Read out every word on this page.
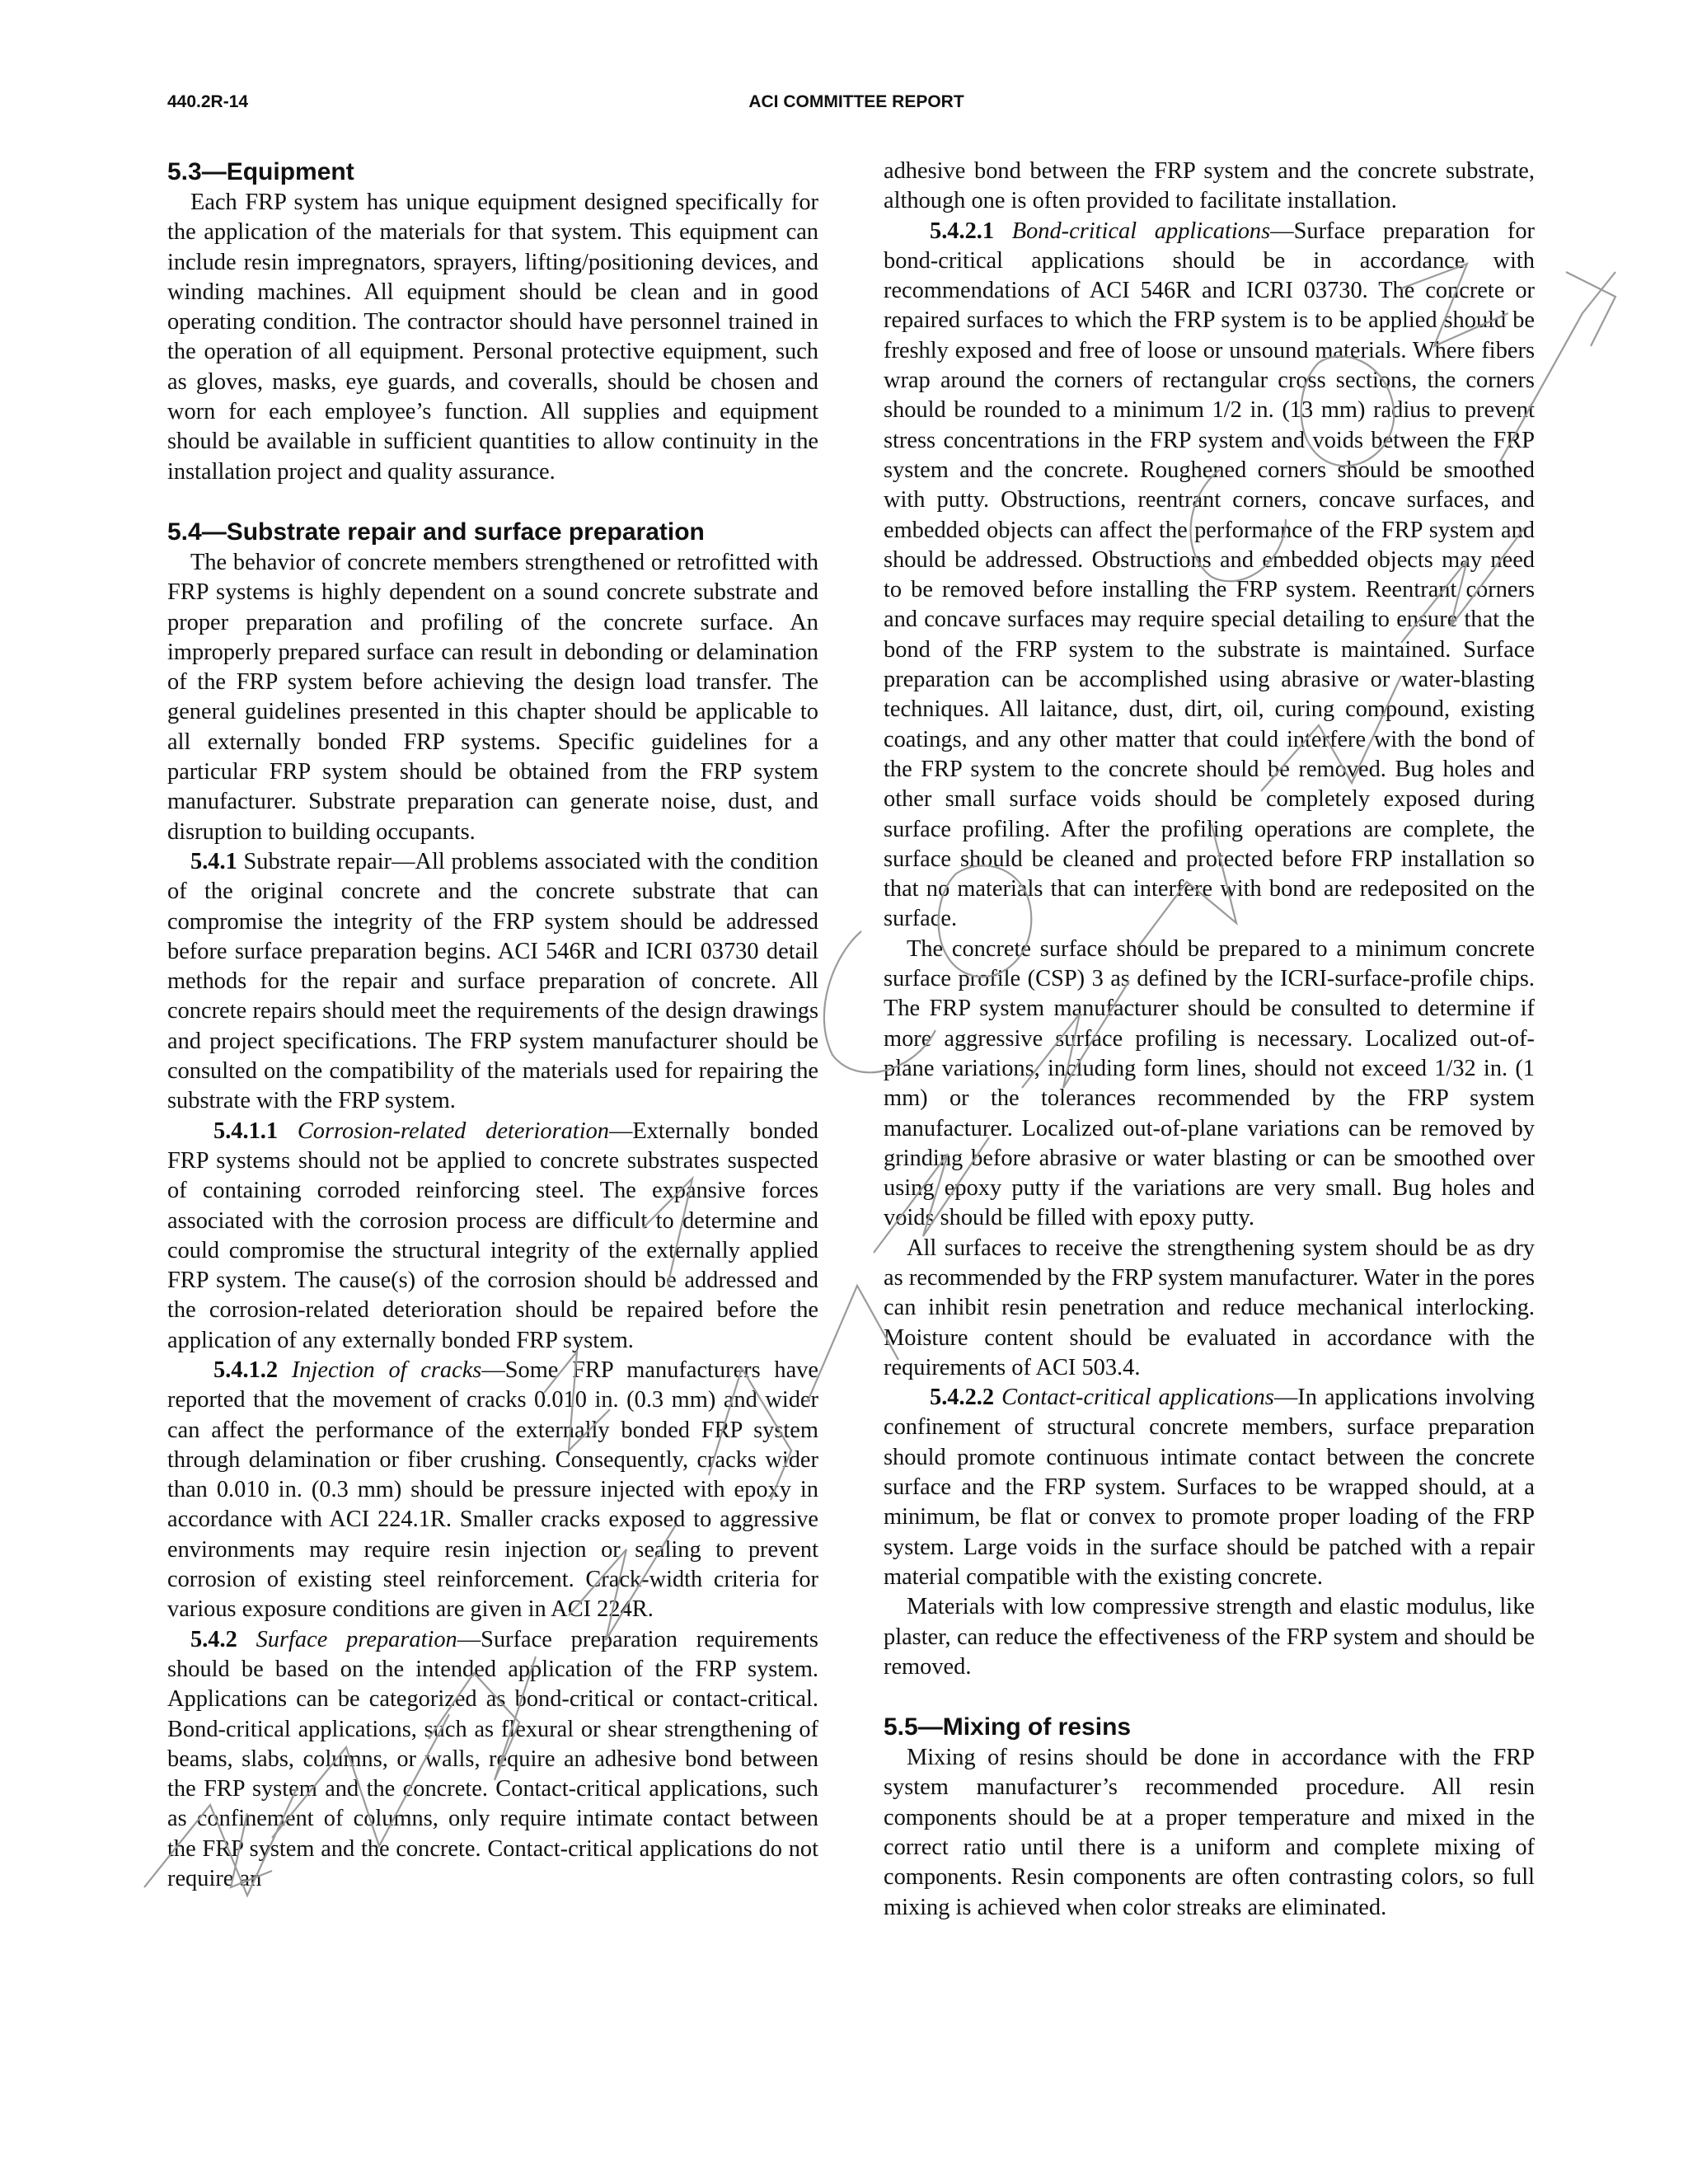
440.2R-14	ACI COMMITTEE REPORT
5.3—Equipment

Each FRP system has unique equipment designed specifically for the application of the materials for that system. This equipment can include resin impregnators, sprayers, lifting/positioning devices, and winding machines. All equipment should be clean and in good operating condition. The contractor should have personnel trained in the operation of all equipment. Personal protective equipment, such as gloves, masks, eye guards, and coveralls, should be chosen and worn for each employee’s function. All supplies and equipment should be available in sufficient quantities to allow continuity in the installation project and quality assurance.

5.4—Substrate repair and surface preparation

The behavior of concrete members strengthened or retrofitted with FRP systems is highly dependent on a sound concrete substrate and proper preparation and profiling of the concrete surface. An improperly prepared surface can result in debonding or delamination of the FRP system before achieving the design load transfer. The general guidelines presented in this chapter should be applicable to all externally bonded FRP systems. Specific guidelines for a particular FRP system should be obtained from the FRP system manufacturer. Substrate preparation can generate noise, dust, and disruption to building occupants.

5.4.1 Substrate repair—All problems associated with the condition of the original concrete and the concrete substrate that can compromise the integrity of the FRP system should be addressed before surface preparation begins. ACI 546R and ICRI 03730 detail methods for the repair and surface preparation of concrete. All concrete repairs should meet the requirements of the design drawings and project specifications. The FRP system manufacturer should be consulted on the compatibility of the materials used for repairing the substrate with the FRP system.

5.4.1.1 Corrosion-related deterioration—Externally bonded FRP systems should not be applied to concrete substrates suspected of containing corroded reinforcing steel. The expansive forces associated with the corrosion process are difficult to determine and could compromise the structural integrity of the externally applied FRP system. The cause(s) of the corrosion should be addressed and the corrosion-related deterioration should be repaired before the application of any externally bonded FRP system.

5.4.1.2 Injection of cracks—Some FRP manufacturers have reported that the movement of cracks 0.010 in. (0.3 mm) and wider can affect the performance of the externally bonded FRP system through delamination or fiber crushing. Consequently, cracks wider than 0.010 in. (0.3 mm) should be pressure injected with epoxy in accordance with ACI 224.1R. Smaller cracks exposed to aggressive environments may require resin injection or sealing to prevent corrosion of existing steel reinforcement. Crack-width criteria for various exposure conditions are given in ACI 224R.

5.4.2 Surface preparation—Surface preparation requirements should be based on the intended application of the FRP system. Applications can be categorized as bond-critical or contact-critical. Bond-critical applications, such as flexural or shear strengthening of beams, slabs, columns, or walls, require an adhesive bond between the FRP system and the concrete. Contact-critical applications, such as confinement of columns, only require intimate contact between the FRP system and the concrete. Contact-critical applications do not require an

adhesive bond between the FRP system and the concrete substrate, although one is often provided to facilitate installation.

5.4.2.1 Bond-critical applications—Surface preparation for bond-critical applications should be in accordance with recommendations of ACI 546R and ICRI 03730. The concrete or repaired surfaces to which the FRP system is to be applied should be freshly exposed and free of loose or unsound materials. Where fibers wrap around the corners of rectangular cross sections, the corners should be rounded to a minimum 1/2 in. (13 mm) radius to prevent stress concentrations in the FRP system and voids between the FRP system and the concrete. Roughened corners should be smoothed with putty. Obstructions, reentrant corners, concave surfaces, and embedded objects can affect the performance of the FRP system and should be addressed. Obstructions and embedded objects may need to be removed before installing the FRP system. Reentrant corners and concave surfaces may require special detailing to ensure that the bond of the FRP system to the substrate is maintained. Surface preparation can be accomplished using abrasive or water-blasting techniques. All laitance, dust, dirt, oil, curing compound, existing coatings, and any other matter that could interfere with the bond of the FRP system to the concrete should be removed. Bug holes and other small surface voids should be completely exposed during surface profiling. After the profiling operations are complete, the surface should be cleaned and protected before FRP installation so that no materials that can interfere with bond are redeposited on the surface.

The concrete surface should be prepared to a minimum concrete surface profile (CSP) 3 as defined by the ICRI-surface-profile chips. The FRP system manufacturer should be consulted to determine if more aggressive surface profiling is necessary. Localized out-of-plane variations, including form lines, should not exceed 1/32 in. (1 mm) or the tolerances recommended by the FRP system manufacturer. Localized out-of-plane variations can be removed by grinding before abrasive or water blasting or can be smoothed over using epoxy putty if the variations are very small. Bug holes and voids should be filled with epoxy putty.

All surfaces to receive the strengthening system should be as dry as recommended by the FRP system manufacturer. Water in the pores can inhibit resin penetration and reduce mechanical interlocking. Moisture content should be evaluated in accordance with the requirements of ACI 503.4.

5.4.2.2 Contact-critical applications—In applications involving confinement of structural concrete members, surface preparation should promote continuous intimate contact between the concrete surface and the FRP system. Surfaces to be wrapped should, at a minimum, be flat or convex to promote proper loading of the FRP system. Large voids in the surface should be patched with a repair material compatible with the existing concrete.

Materials with low compressive strength and elastic modulus, like plaster, can reduce the effectiveness of the FRP system and should be removed.

5.5—Mixing of resins

Mixing of resins should be done in accordance with the FRP system manufacturer’s recommended procedure. All resin components should be at a proper temperature and mixed in the correct ratio until there is a uniform and complete mixing of components. Resin components are often contrasting colors, so full mixing is achieved when color streaks are eliminated.
